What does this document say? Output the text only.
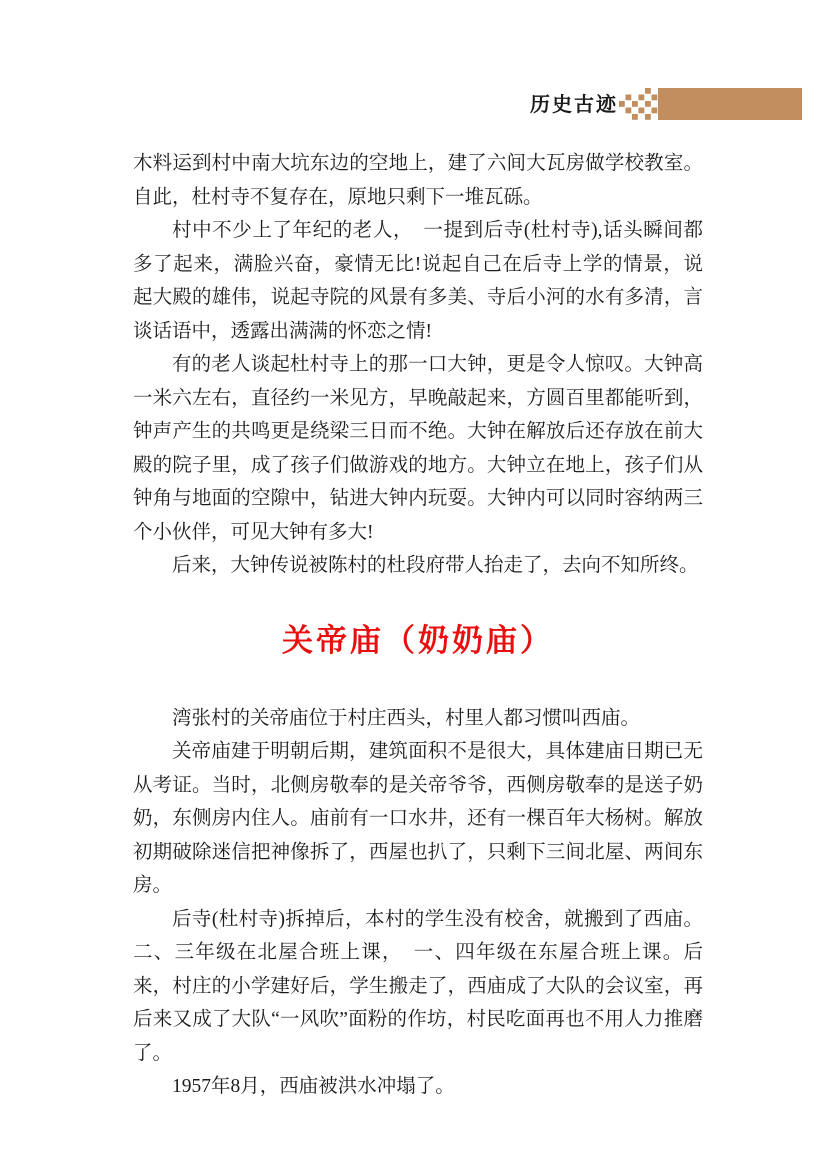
历史古迹

木料运到村中南大坑东边的空地上，建了六间大瓦房做学校教室。自此，杜村寺不复存在，原地只剩下一堆瓦砾。

村中不少上了年纪的老人，　一提到后寺(杜村寺),话头瞬间都多了起来，满脸兴奋，豪情无比!说起自己在后寺上学的情景，说起大殿的雄伟，说起寺院的风景有多美、寺后小河的水有多清，言谈话语中，透露出满满的怀恋之情!

有的老人谈起杜村寺上的那一口大钟，更是令人惊叹。大钟高一米六左右，直径约一米见方，早晚敲起来，方圆百里都能听到，钟声产生的共鸣更是绕梁三日而不绝。大钟在解放后还存放在前大殿的院子里，成了孩子们做游戏的地方。大钟立在地上，孩子们从钟角与地面的空隙中，钻进大钟内玩耍。大钟内可以同时容纳两三个小伙伴，可见大钟有多大!

后来，大钟传说被陈村的杜段府带人抬走了，去向不知所终。

关帝庙（奶奶庙）

湾张村的关帝庙位于村庄西头，村里人都习惯叫西庙。

关帝庙建于明朝后期，建筑面积不是很大，具体建庙日期已无从考证。当时，北侧房敬奉的是关帝爷爷，西侧房敬奉的是送子奶奶，东侧房内住人。庙前有一口水井，还有一棵百年大杨树。解放初期破除迷信把神像拆了，西屋也扒了，只剩下三间北屋、两间东房。

后寺(杜村寺)拆掉后，本村的学生没有校舍，就搬到了西庙。二、三年级在北屋合班上课，　一、四年级在东屋合班上课。后来，村庄的小学建好后，学生搬走了，西庙成了大队的会议室，再后来又成了大队“一风吹”面粉的作坊，村民吃面再也不用人力推磨了。

1957年8月，西庙被洪水冲塌了。
